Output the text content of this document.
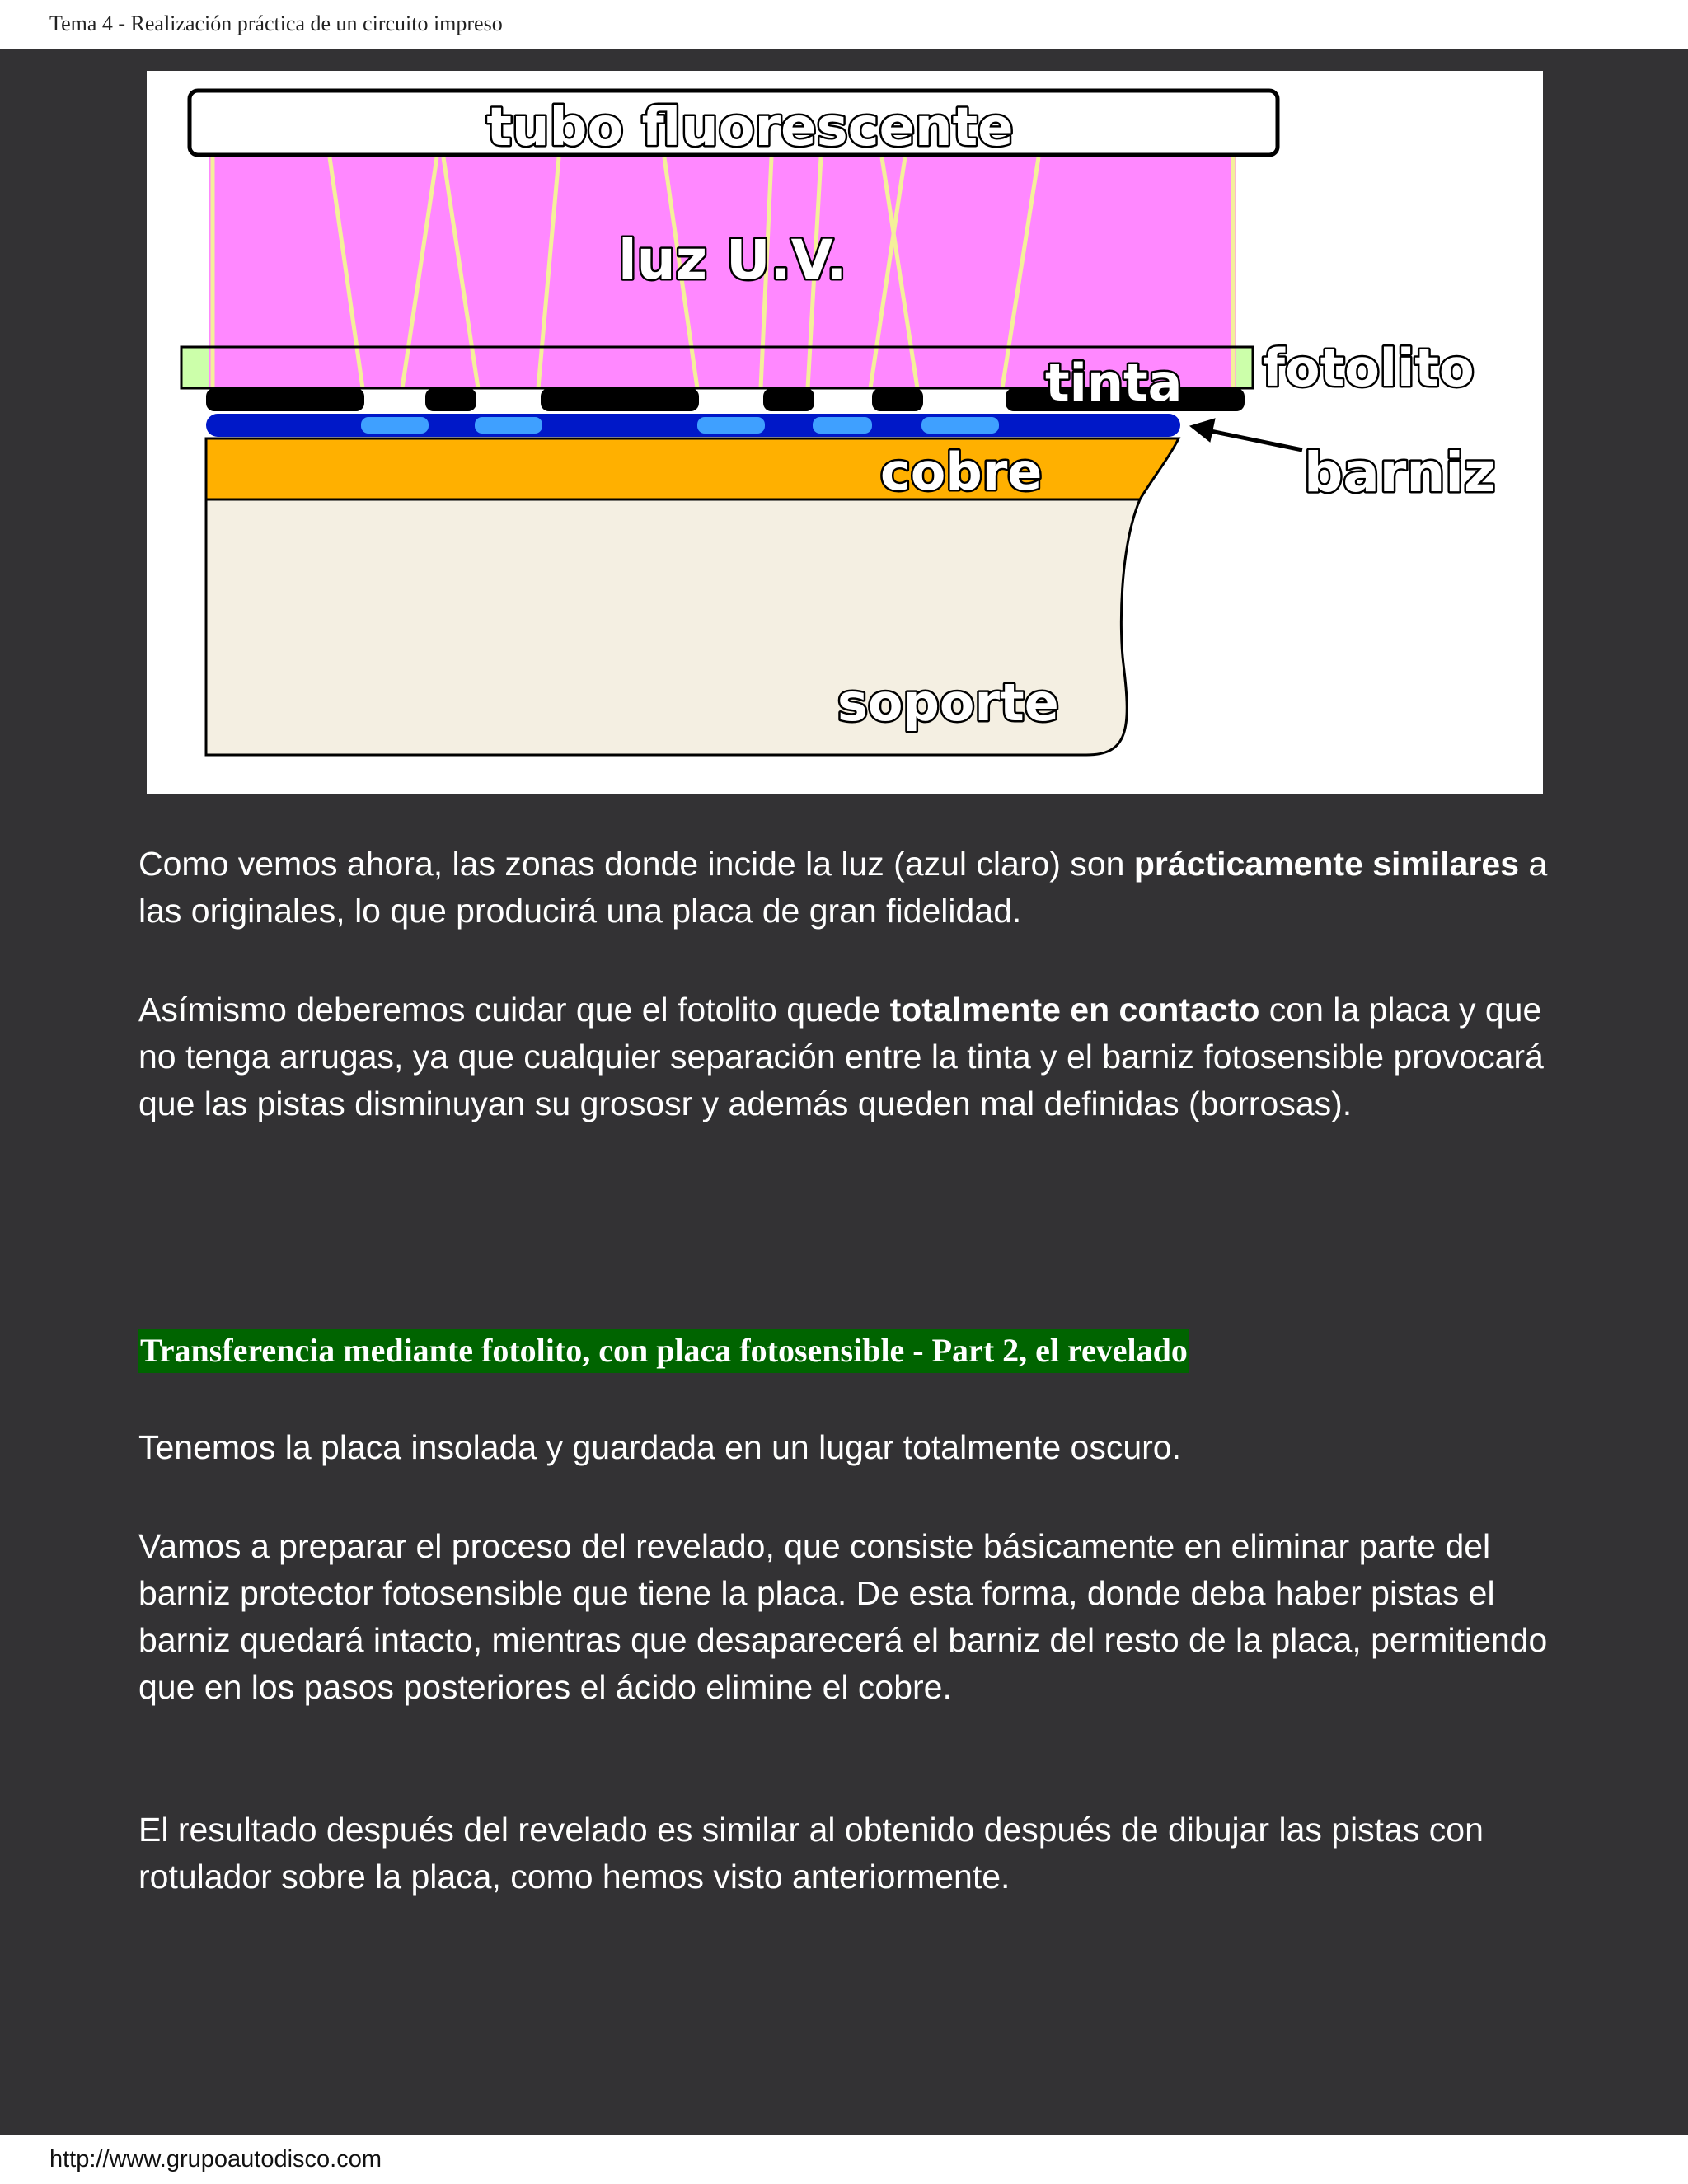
Tema 4 - Realización práctica de un circuito impreso
tubo fluorescente
luz U.V.
tinta fotolito
barniz
cobre
soporte
Como vemos ahora, las zonas donde incide la luz (azul claro) son prácticamente similares a las originales, lo que producirá una placa de gran fidelidad.
Asímismo deberemos cuidar que el fotolito quede totalmente en contacto con la placa y que no tenga arrugas, ya que cualquier separación entre la tinta y el barniz fotosensible provocará que las pistas disminuyan su grososr y además queden mal definidas (borrosas).
Transferencia mediante fotolito, con placa fotosensible - Part 2, el revelado
Tenemos la placa insolada y guardada en un lugar totalmente oscuro.
Vamos a preparar el proceso del revelado, que consiste básicamente en eliminar parte del barniz protector fotosensible que tiene la placa. De esta forma, donde deba haber pistas el barniz quedará intacto, mientras que desaparecerá el barniz del resto de la placa, permitiendo que en los pasos posteriores el ácido elimine el cobre.
El resultado después del revelado es similar al obtenido después de dibujar las pistas con rotulador sobre la placa, como hemos visto anteriormente.
http://www.grupoautodisco.com
